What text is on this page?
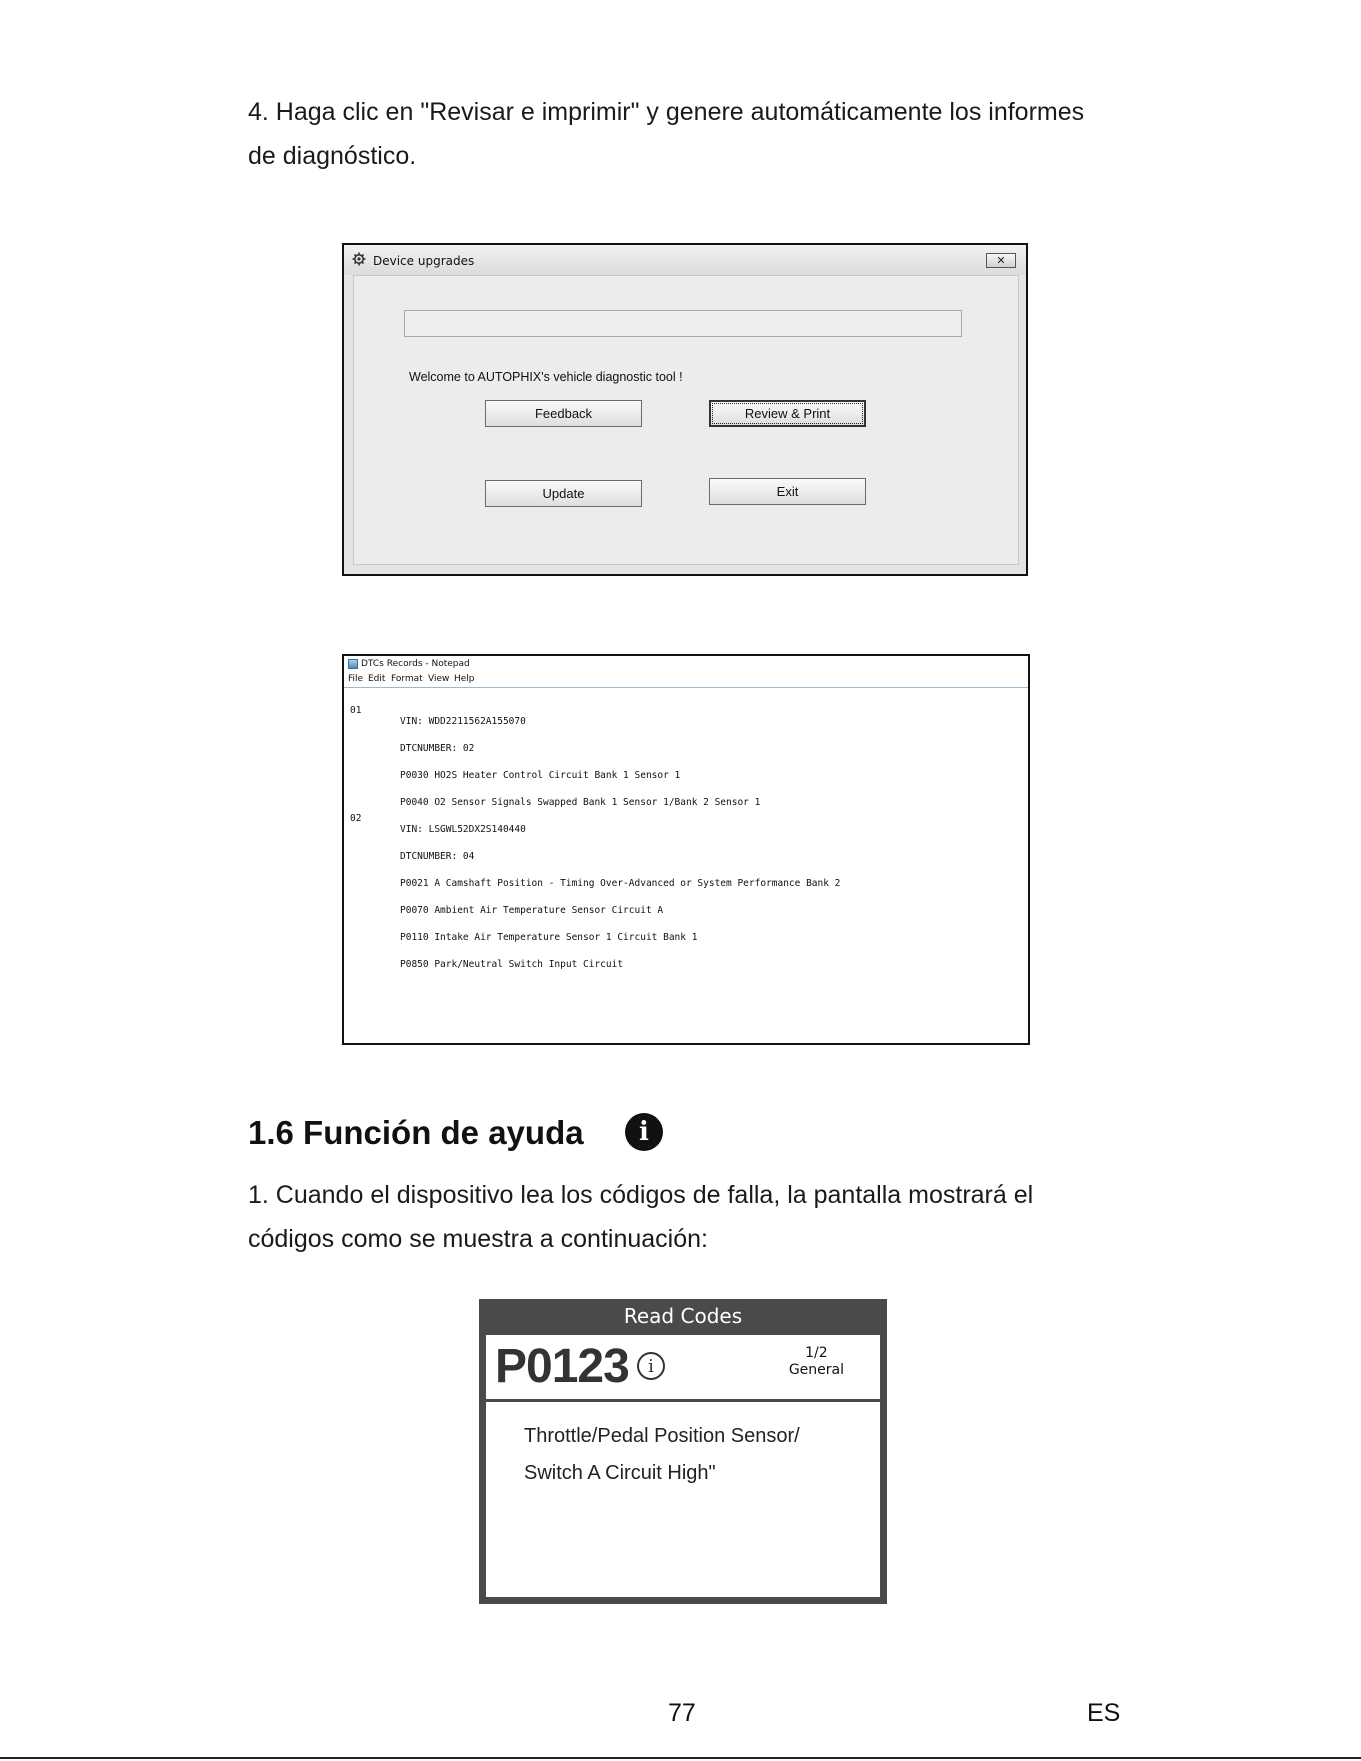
4. Haga clic en "Revisar e imprimir" y genere automáticamente los informes
de diagnóstico.

Device upgrades	✕
Welcome to AUTOPHIX's vehicle diagnostic tool !
Feedback	Review & Print
Update	Exit
DTCs Records - Notepad
File Edit Format View Help

01

VIN: WDD2211562A155070

DTCNUMBER: 02

P0030 HO2S Heater Control Circuit Bank 1 Sensor 1

P0040 O2 Sensor Signals Swapped Bank 1 Sensor 1/Bank 2 Sensor 1

02

VIN: LSGWL52DX2S140440

DTCNUMBER: 04

P0021 A Camshaft Position - Timing Over-Advanced or System Performance Bank 2

P0070 Ambient Air Temperature Sensor Circuit A

P0110 Intake Air Temperature Sensor 1 Circuit Bank 1

P0850 Park/Neutral Switch Input Circuit

1.6 Función de ayuda	i

1. Cuando el dispositivo lea los códigos de falla, la pantalla mostrará el
códigos como se muestra a continuación:

Read Codes
P0123	i
1/2
General
Throttle/Pedal Position Sensor/
Switch A Circuit High"
77	ES
